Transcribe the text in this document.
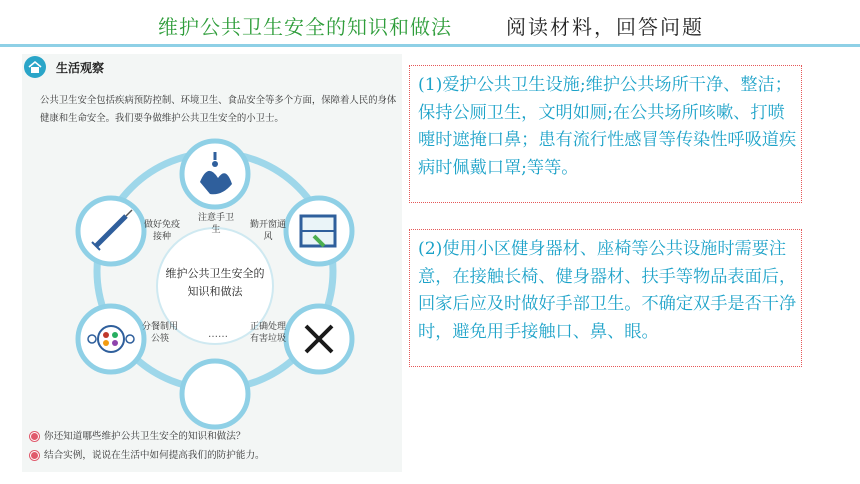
维护公共卫生安全的知识和做法	阅读材料，回答问题
生活观察
公共卫生安全包括疾病预防控制、环境卫生、食品安全等多个方面，保障着人民的身体健康和生命安全。我们要争做维护公共卫生安全的小卫士。
维护公共卫生安全的
知识和做法
注意手卫生	勤开窗通风
正确处理有害垃圾
……
分餐制用公筷
做好免疫接种
你还知道哪些维护公共卫生安全的知识和做法？
结合实例，说说在生活中如何提高我们的防护能力。
(1)爱护公共卫生设施;维护公共场所干净、整洁；保持公厕卫生，文明如厕;在公共场所咳嗽、打喷嚏时遮掩口鼻；患有流行性感冒等传染性呼吸道疾病时佩戴口罩;等等。
(2)使用小区健身器材、座椅等公共设施时需要注意，在接触长椅、健身器材、扶手等物品表面后，回家后应及时做好手部卫生。不确定双手是否干净时，避免用手接触口、鼻、眼。
